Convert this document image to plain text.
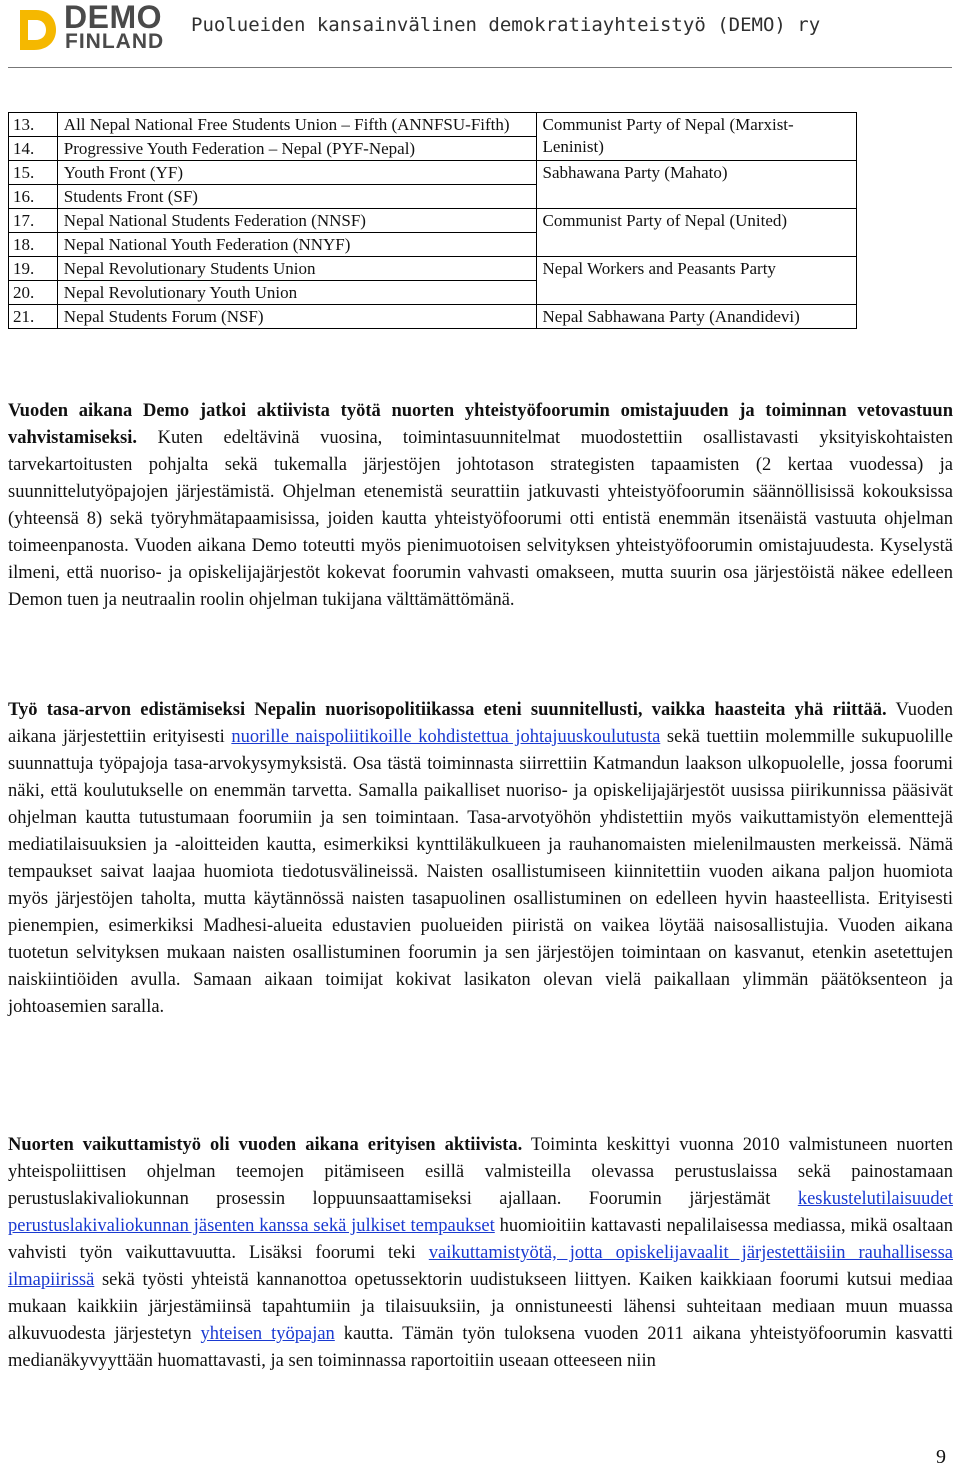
DEMO
FINLAND
Puolueiden kansainvälinen demokratiayhteistyö (DEMO) ry
13.	All Nepal National Free Students Union – Fifth (ANNFSU-Fifth)	Communist Party of Nepal (Marxist-Leninist)
14.	Progressive Youth Federation – Nepal (PYF-Nepal)	
15.	Youth Front (YF)	Sabhawana Party (Mahato)
16.	Students Front (SF)	
17.	Nepal National Students Federation (NNSF)	Communist Party of Nepal (United)
18.	Nepal National Youth Federation (NNYF)	
19.	Nepal Revolutionary Students Union	Nepal Workers and Peasants Party
20.	Nepal Revolutionary Youth Union	
21.	Nepal Students Forum (NSF)	Nepal Sabhawana Party (Anandidevi)
Vuoden aikana Demo jatkoi aktiivista työtä nuorten yhteistyöfoorumin omistajuuden ja toiminnan vetovastuun vahvistamiseksi. Kuten edeltävinä vuosina, toimintasuunnitelmat muodostettiin osallistavasti yksityiskohtaisten tarvekartoitusten pohjalta sekä tukemalla järjestöjen johtotason strategisten tapaamisten (2 kertaa vuodessa) ja suunnittelutyöpajojen järjestämistä. Ohjelman etenemistä seurattiin jatkuvasti yhteistyöfoorumin säännöllisissä kokouksissa (yhteensä 8) sekä työryhmätapaamisissa, joiden kautta yhteistyöfoorumi otti entistä enemmän itsenäistä vastuuta ohjelman toimeenpanosta. Vuoden aikana Demo toteutti myös pienimuotoisen selvityksen yhteistyöfoorumin omistajuudesta. Kyselystä ilmeni, että nuoriso- ja opiskelijajärjestöt kokevat foorumin vahvasti omakseen, mutta suurin osa järjestöistä näkee edelleen Demon tuen ja neutraalin roolin ohjelman tukijana välttämättömänä.
Työ tasa-arvon edistämiseksi Nepalin nuorisopolitiikassa eteni suunnitellusti, vaikka haasteita yhä riittää. Vuoden aikana järjestettiin erityisesti nuorille naispoliitikoille kohdistettua johtajuuskoulutusta sekä tuettiin molemmille sukupuolille suunnattuja työpajoja tasa-arvokysymyksistä. Osa tästä toiminnasta siirrettiin Katmandun laakson ulkopuolelle, jossa foorumi näki, että koulutukselle on enemmän tarvetta. Samalla paikalliset nuoriso- ja opiskelijajärjestöt uusissa piirikunnissa pääsivät ohjelman kautta tutustumaan foorumiin ja sen toimintaan. Tasa-arvotyöhön yhdistettiin myös vaikuttamistyön elementtejä mediatilaisuuksien ja -aloitteiden kautta, esimerkiksi kynttiläkulkueen ja rauhanomaisten mielenilmausten merkeissä. Nämä tempaukset saivat laajaa huomiota tiedotusvälineissä. Naisten osallistumiseen kiinnitettiin vuoden aikana paljon huomiota myös järjestöjen taholta, mutta käytännössä naisten tasapuolinen osallistuminen on edelleen hyvin haasteellista. Erityisesti pienempien, esimerkiksi Madhesi-alueita edustavien puolueiden piiristä on vaikea löytää naisosallistujia. Vuoden aikana tuotetun selvityksen mukaan naisten osallistuminen foorumin ja sen järjestöjen toimintaan on kasvanut, etenkin asetettujen naiskiintiöiden avulla. Samaan aikaan toimijat kokivat lasikaton olevan vielä paikallaan ylimmän päätöksenteon ja johtoasemien saralla.
Nuorten vaikuttamistyö oli vuoden aikana erityisen aktiivista. Toiminta keskittyi vuonna 2010 valmistuneen nuorten yhteispoliittisen ohjelman teemojen pitämiseen esillä valmisteilla olevassa perustuslaissa sekä painostamaan perustuslakivaliokunnan prosessin loppuunsaattamiseksi ajallaan. Foorumin järjestämät keskustelutilaisuudet perustuslakivaliokunnan jäsenten kanssa sekä julkiset tempaukset huomioitiin kattavasti nepalilaisessa mediassa, mikä osaltaan vahvisti työn vaikuttavuutta. Lisäksi foorumi teki vaikuttamistyötä, jotta opiskelijavaalit järjestettäisiin rauhallisessa ilmapiirissä sekä työsti yhteistä kannanottoa opetussektorin uudistukseen liittyen. Kaiken kaikkiaan foorumi kutsui mediaa mukaan kaikkiin järjestämiinsä tapahtumiin ja tilaisuuksiin, ja onnistuneesti lähensi suhteitaan mediaan muun muassa alkuvuodesta järjestetyn yhteisen työpajan kautta. Tämän työn tuloksena vuoden 2011 aikana yhteistyöfoorumin kasvatti medianäkyvyyttään huomattavasti, ja sen toiminnassa raportoitiin useaan otteeseen niin
9
